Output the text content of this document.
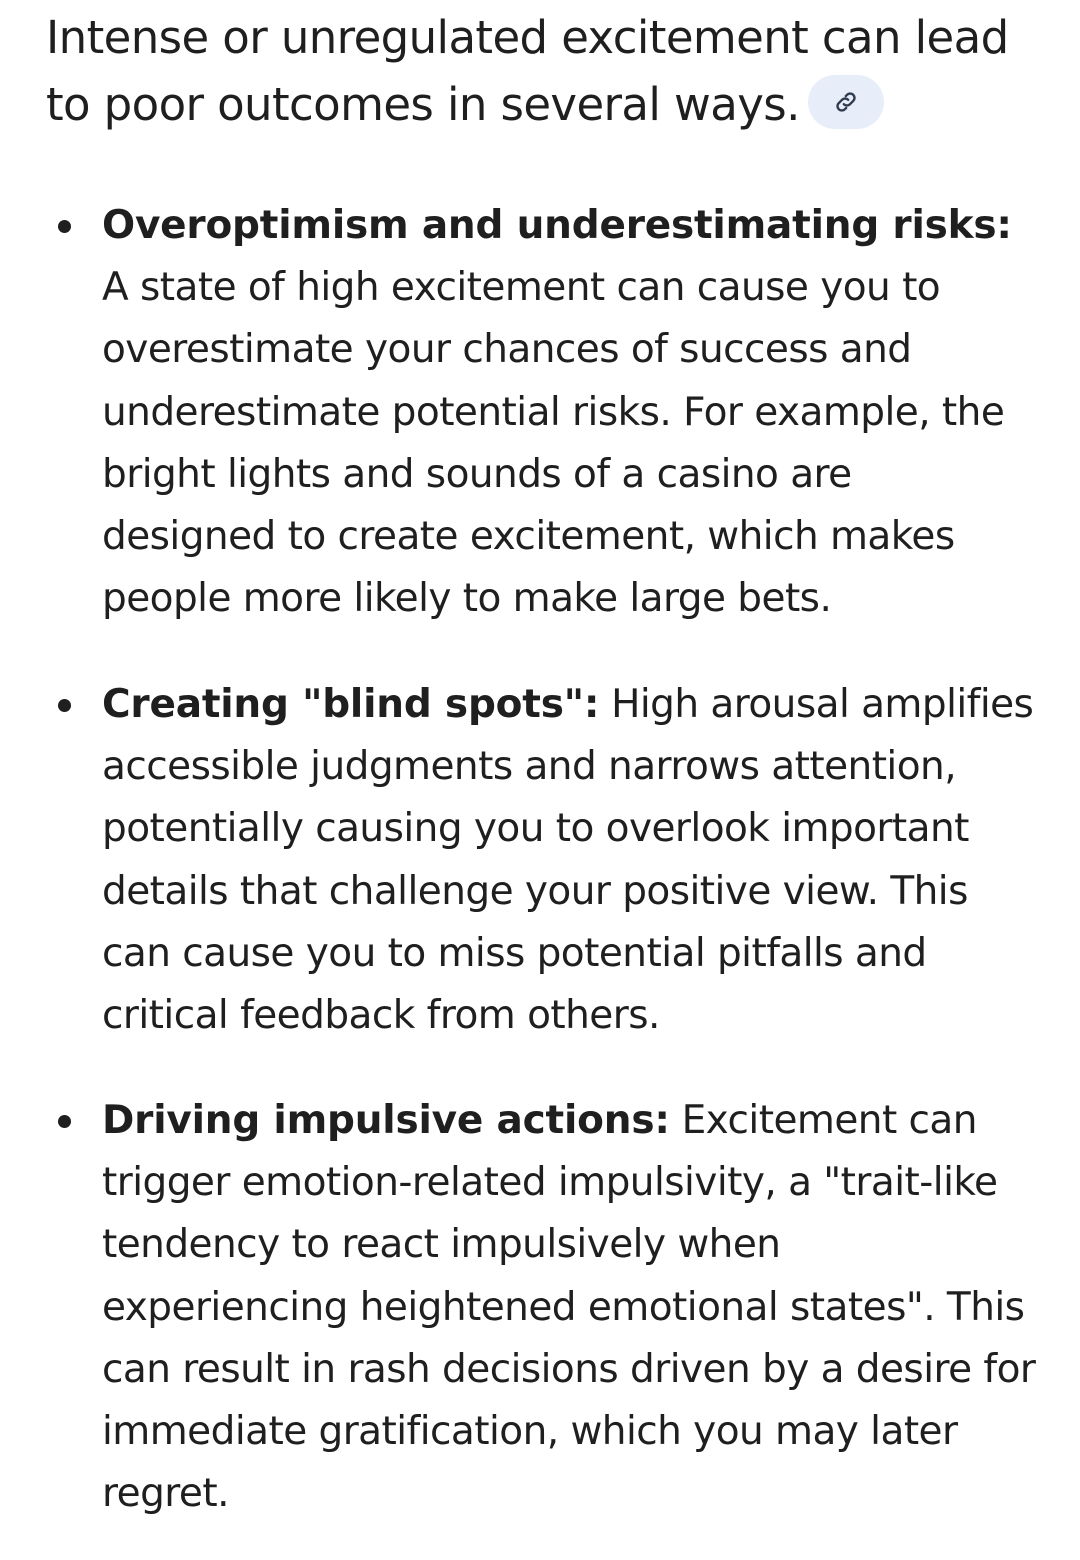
Intense or unregulated excitement can lead to poor outcomes in several ways.

Overoptimism and underestimating risks: A state of high excitement can cause you to overestimate your chances of success and underestimate potential risks. For example, the bright lights and sounds of a casino are designed to create excitement, which makes people more likely to make large bets.
Creating "blind spots": High arousal amplifies accessible judgments and narrows attention, potentially causing you to overlook important details that challenge your positive view. This can cause you to miss potential pitfalls and critical feedback from others.
Driving impulsive actions: Excitement can trigger emotion-related impulsivity, a "trait-like tendency to react impulsively when experiencing heightened emotional states". This can result in rash decisions driven by a desire for immediate gratification, which you may later regret.
